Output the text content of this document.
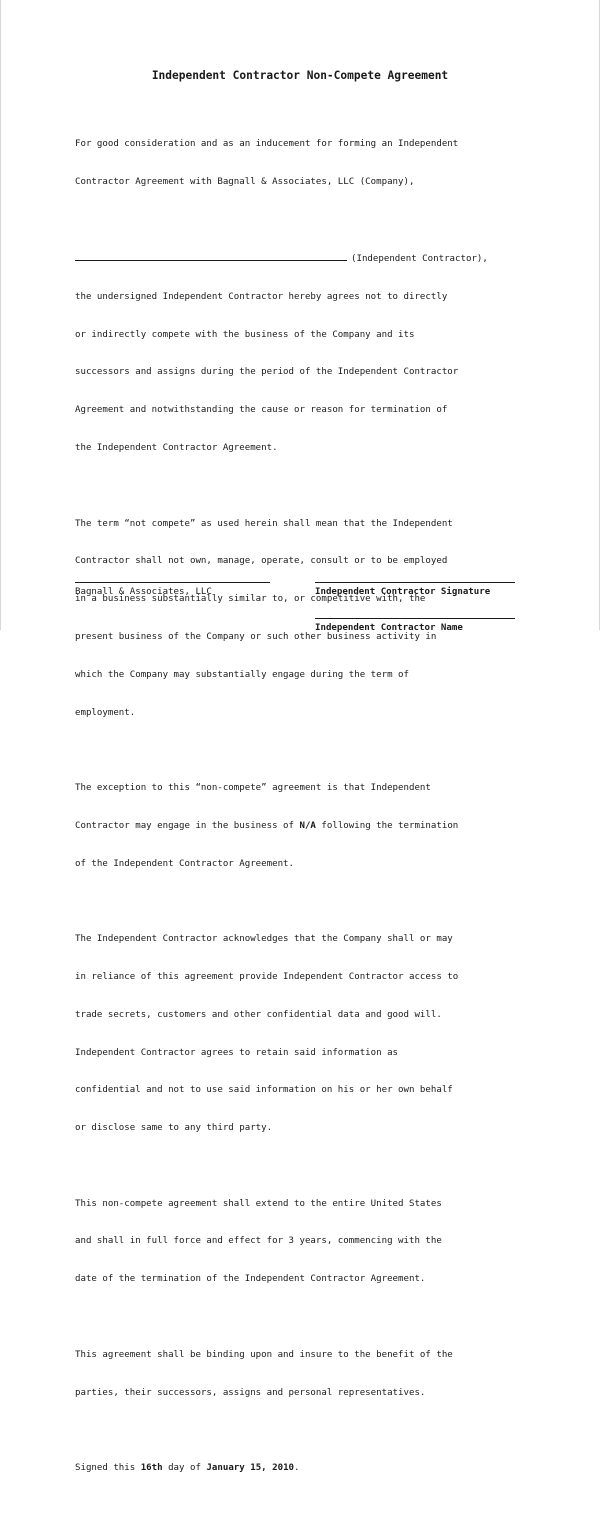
Independent Contractor Non-Compete Agreement

For good consideration and as an inducement for forming an Independent

Contractor Agreement with Bagnall & Associates, LLC (Company),

(Independent Contractor),

the undersigned Independent Contractor hereby agrees not to directly

or indirectly compete with the business of the Company and its

successors and assigns during the period of the Independent Contractor

Agreement and notwithstanding the cause or reason for termination of

the Independent Contractor Agreement.

The term “not compete” as used herein shall mean that the Independent

Contractor shall not own, manage, operate, consult or to be employed

in a business substantially similar to, or competitive with, the

present business of the Company or such other business activity in

which the Company may substantially engage during the term of

employment.

The exception to this “non-compete” agreement is that Independent

Contractor may engage in the business of N/A following the termination

of the Independent Contractor Agreement.

The Independent Contractor acknowledges that the Company shall or may

in reliance of this agreement provide Independent Contractor access to

trade secrets, customers and other confidential data and good will.

Independent Contractor agrees to retain said information as

confidential and not to use said information on his or her own behalf

or disclose same to any third party.

This non-compete agreement shall extend to the entire United States

and shall in full force and effect for 3 years, commencing with the

date of the termination of the Independent Contractor Agreement.

This agreement shall be binding upon and insure to the benefit of the

parties, their successors, assigns and personal representatives.

Signed this 16th day of January 15, 2010.

Bagnall & Associates, LLC	Independent Contractor Signature
Independent Contractor Name
